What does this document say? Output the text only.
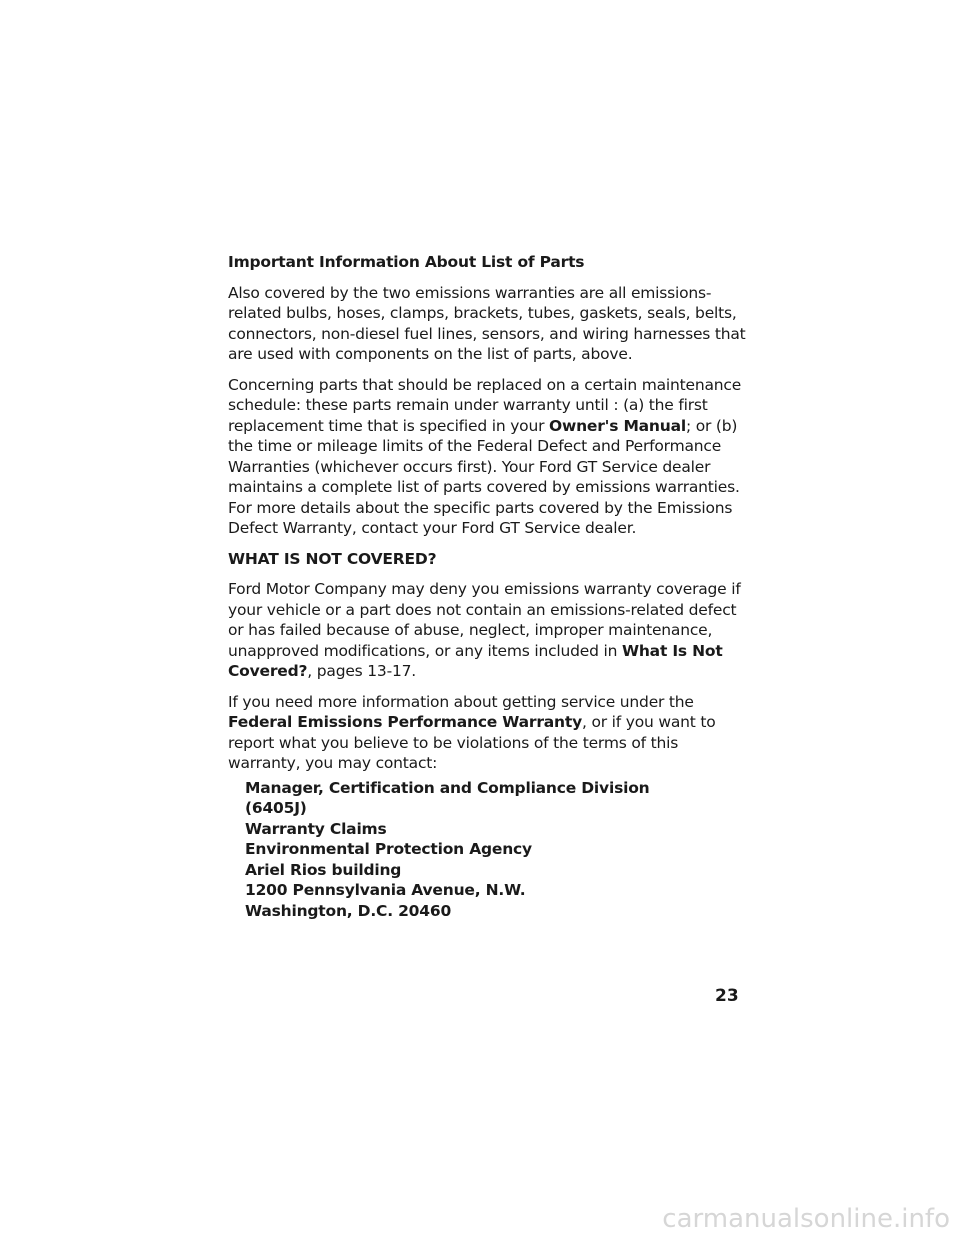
Important Information About List of Parts

Also covered by the two emissions warranties are all emissions-related bulbs, hoses, clamps, brackets, tubes, gaskets, seals, belts, connectors, non-diesel fuel lines, sensors, and wiring harnesses that are used with components on the list of parts, above.

Concerning parts that should be replaced on a certain maintenance schedule: these parts remain under warranty until : (a) the first replacement time that is specified in your Owner's Manual; or (b) the time or mileage limits of the Federal Defect and Performance Warranties (whichever occurs first). Your Ford GT Service dealer maintains a complete list of parts covered by emissions warranties. For more details about the specific parts covered by the Emissions Defect Warranty, contact your Ford GT Service dealer.

WHAT IS NOT COVERED?

Ford Motor Company may deny you emissions warranty coverage if your vehicle or a part does not contain an emissions-related defect or has failed because of abuse, neglect, improper maintenance, unapproved modifications, or any items included in What Is Not Covered?, pages 13-17.

If you need more information about getting service under the Federal Emissions Performance Warranty, or if you want to report what you believe to be violations of the terms of this warranty, you may contact:

Manager, Certification and Compliance Division
(6405J)
Warranty Claims
Environmental Protection Agency
Ariel Rios building
1200 Pennsylvania Avenue, N.W.
Washington, D.C. 20460
23
carmanualsonline.info
